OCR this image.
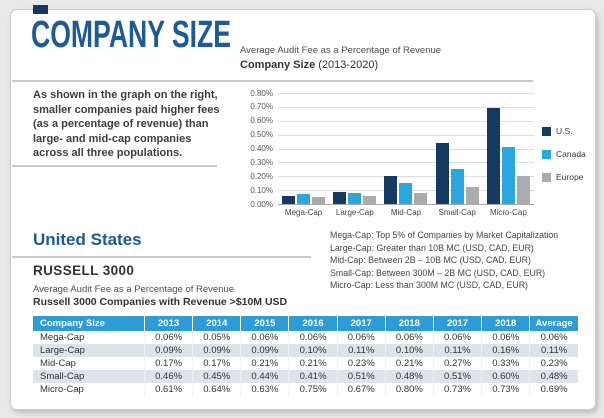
COMPANY SIZE Average Audit Fee as a Percentage of Revenue
Company Size (2013-2020)
As shown in the graph on the right, smaller companies paid higher fees (as a percentage of revenue) than large- and mid-cap companies across all three populations.
0.00%
0.10%
0.20%
0.30%
0.40%
0.50%
0.60%
0.70%
0.80%
Mega-Cap	Large-Cap	Mid-Cap	Small-Cap	Micro-Cap
U.S.
Canada
Europe

Mega-Cap: Top 5% of Companies by Market Capitalization

Large-Cap: Greater than 10B MC (USD, CAD, EUR)

Mid-Cap: Between 2B – 10B MC (USD, CAD, EUR)

Small-Cap: Between 300M – 2B MC (USD, CAD, EUR)

Micro-Cap: Less than 300M MC (USD, CAD, EUR)

United States
RUSSELL 3000
Average Audit Fee as a Percentage of Revenue
Russell 3000 Companies with Revenue >$10M USD
Company Size	2013	2014	2015	2016	2017	2018	2017	2018	Average
Mega-Cap	0.06%	0.05%	0.06%	0.06%	0.06%	0.06%	0.06%	0.06%	0.06%
Large-Cap	0.09%	0.09%	0.09%	0.10%	0.11%	0.10%	0.11%	0.16%	0.11%
Mid-Cap	0.17%	0.17%	0.21%	0.21%	0.23%	0.21%	0.27%	0.33%	0.23%
Small-Cap	0.46%	0.45%	0.44%	0.41%	0.51%	0.48%	0.51%	0.60%	0.48%
Micro-Cap	0.61%	0.64%	0.63%	0.75%	0.67%	0.80%	0.73%	0.73%	0.69%
